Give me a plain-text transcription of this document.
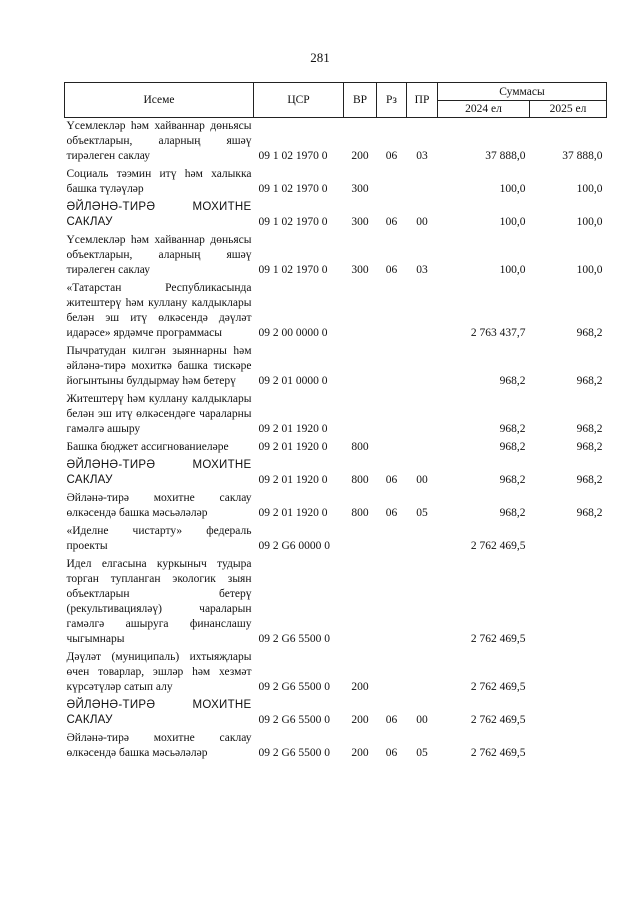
281
Исеме	ЦСР	ВР	Рз	ПР	Суммасы	
					2024 ел	2025 ел
Үсемлекләр һәм хайваннар дөньясы объектларын, аларның яшәү тирәлеген саклау	09 1 02 1970 0	200	06	03	37 888,0	37 888,0
Социаль тәэмин итү һәм халыкка башка түләүләр	09 1 02 1970 0	300			100,0	100,0
ӘЙЛӘНӘ-ТИРӘ МОХИТНЕ САКЛАУ	09 1 02 1970 0	300	06	00	100,0	100,0
Үсемлекләр һәм хайваннар дөньясы объектларын, аларның яшәү тирәлеген саклау	09 1 02 1970 0	300	06	03	100,0	100,0
«Татарстан Республикасында житештерү һәм куллану калдыклары белән эш итү өлкәсендә дәүләт идарәсе» ярдәмче программасы	09 2 00 0000 0				2 763 437,7	968,2
Пычратудан килгән зыяннарны һәм әйләнә-тирә мохиткә башка тискәре йогынтыны булдырмау һәм бетерү	09 2 01 0000 0				968,2	968,2
Житештерү һәм куллану калдыклары белән эш итү өлкәсендәге чараларны гамәлгә ашыру	09 2 01 1920 0				968,2	968,2
Башка бюджет ассигнованиеләре	09 2 01 1920 0	800			968,2	968,2
ӘЙЛӘНӘ-ТИРӘ МОХИТНЕ САКЛАУ	09 2 01 1920 0	800	06	00	968,2	968,2
Әйләнә-тирә мохитне саклау өлкәсендә башка мәсьәләләр	09 2 01 1920 0	800	06	05	968,2	968,2
«Иделне чистарту» федераль проекты	09 2 G6 0000 0				2 762 469,5	
Идел елгасына куркыныч тудыра торган тупланган экологик зыян объектларын бетерү (рекультивацияләү) чараларын гамәлгә ашыруга финанслашу чыгымнары	09 2 G6 5500 0				2 762 469,5	
Дәүләт (муниципаль) ихтыяҗлары өчен товарлар, эшләр һәм хезмәт күрсәтүләр сатып алу	09 2 G6 5500 0	200			2 762 469,5	
ӘЙЛӘНӘ-ТИРӘ МОХИТНЕ САКЛАУ	09 2 G6 5500 0	200	06	00	2 762 469,5	
Әйләнә-тирә мохитне саклау өлкәсендә башка мәсьәләләр	09 2 G6 5500 0	200	06	05	2 762 469,5	
